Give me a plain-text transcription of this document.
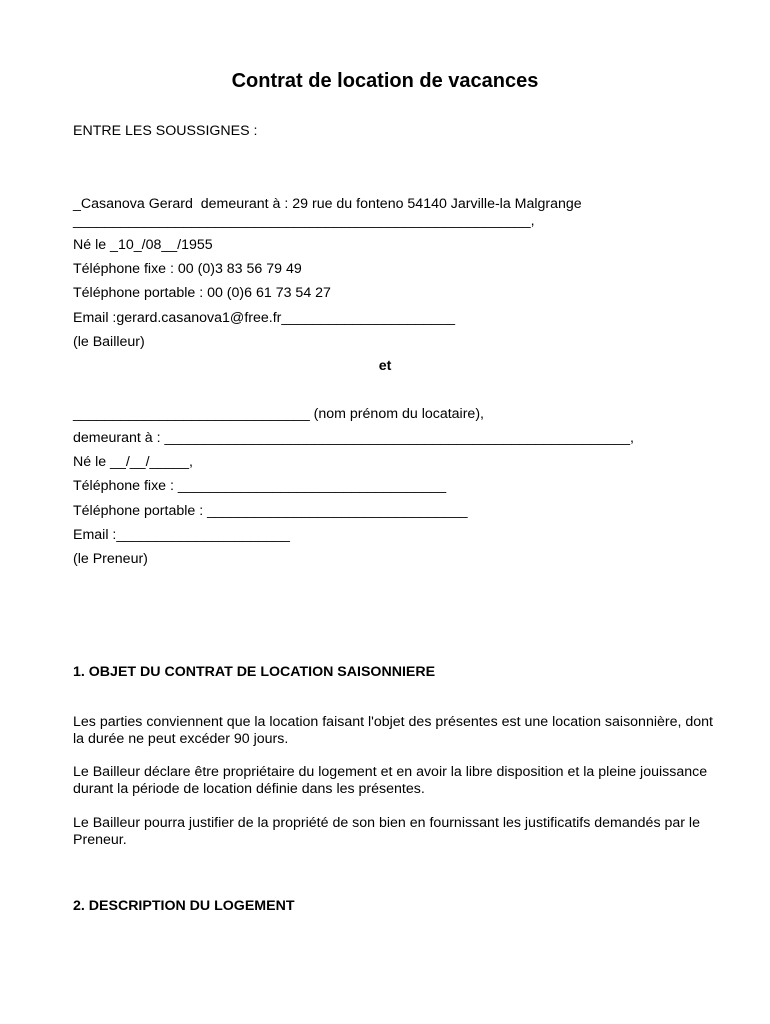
Contrat de location de vacances
ENTRE LES SOUSSIGNES :
_Casanova Gerard  demeurant à : 29 rue du fonteno 54140 Jarville-la Malgrange
__________________________________________________________,
Né le _10_/08__/1955
Téléphone fixe : 00 (0)3 83 56 79 49
Téléphone portable : 00 (0)6 61 73 54 27
Email :gerard.casanova1@free.fr______________________
(le Bailleur)
et
______________________________ (nom prénom du locataire),
demeurant à : ___________________________________________________________,
Né le __/__/_____,
Téléphone fixe : __________________________________
Téléphone portable : _________________________________
Email :______________________
(le Preneur)
1. OBJET DU CONTRAT DE LOCATION SAISONNIERE
Les parties conviennent que la location faisant l'objet des présentes est une location saisonnière, dont la durée ne peut excéder 90 jours.
Le Bailleur déclare être propriétaire du logement et en avoir la libre disposition et la pleine jouissance durant la période de location définie dans les présentes.
Le Bailleur pourra justifier de la propriété de son bien en fournissant les justificatifs demandés par le Preneur.
2. DESCRIPTION DU LOGEMENT
